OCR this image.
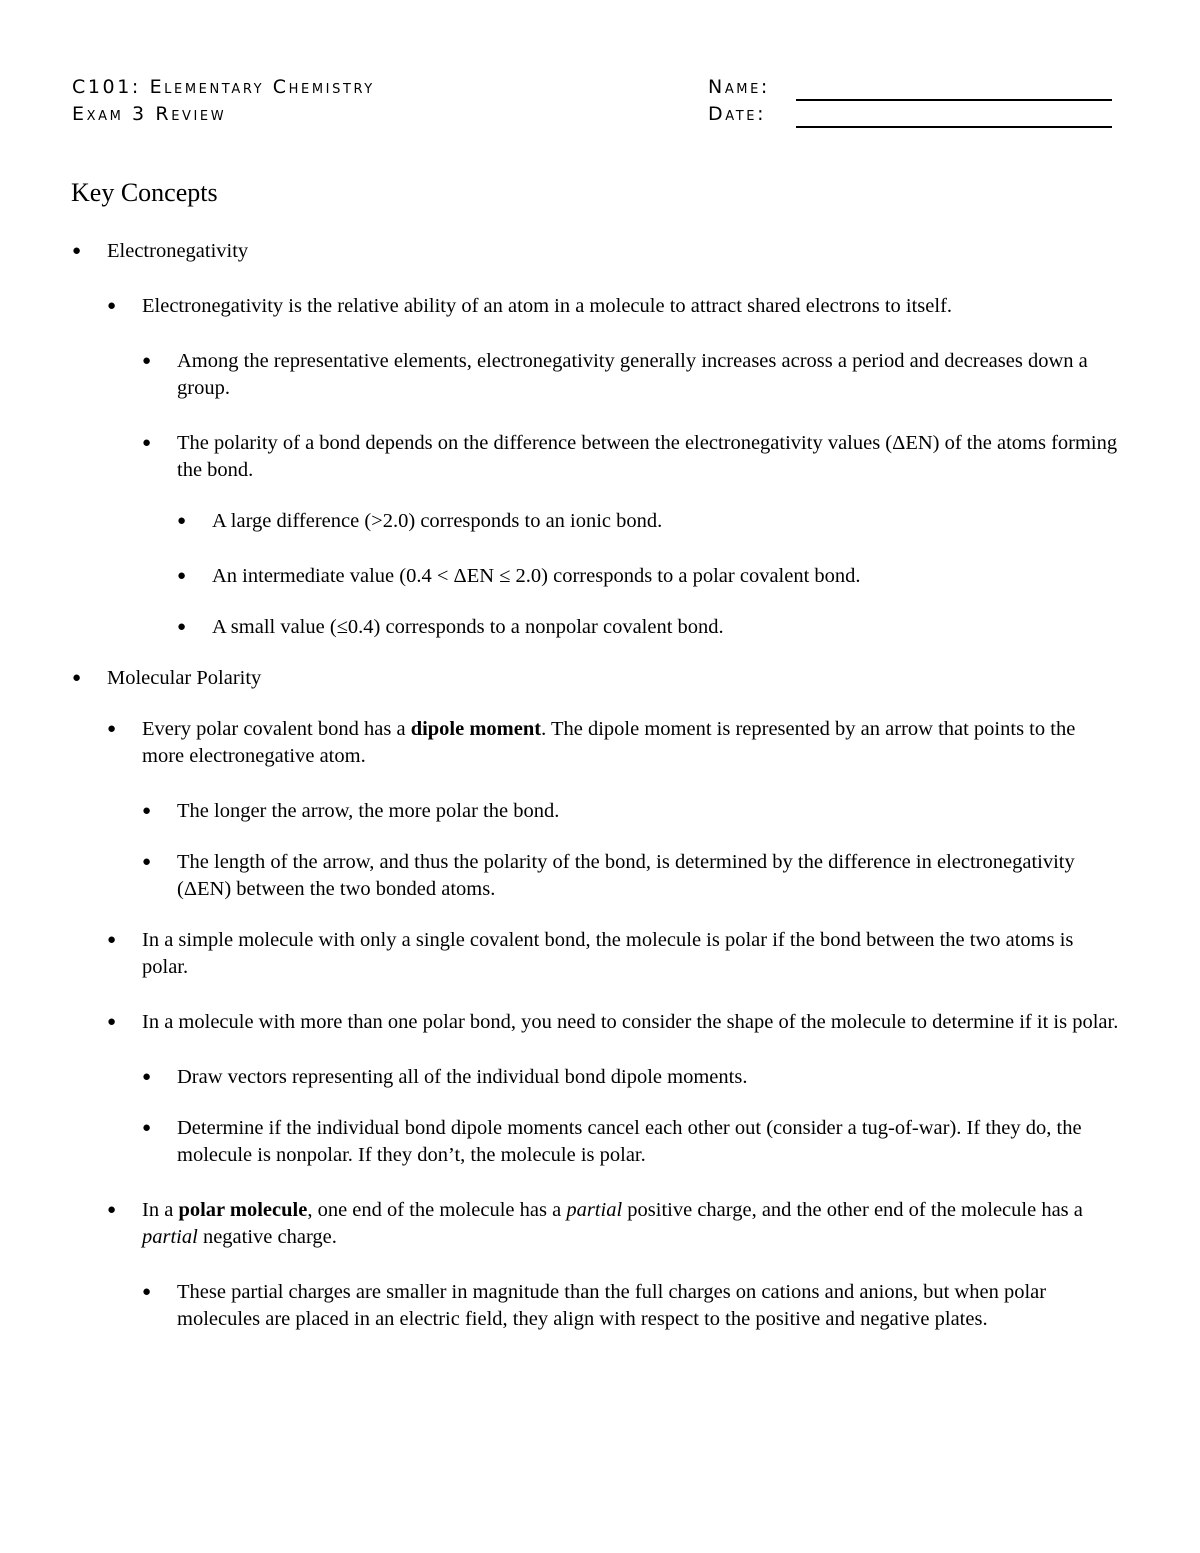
C101: Elementary Chemistry
Exam 3 Review
Name:
Date:
Key Concepts

● Electronegativity

● Electronegativity is the relative ability of an atom in a molecule to attract shared electrons to itself.

● Among the representative elements, electronegativity generally increases across a period and decreases down a group.

● The polarity of a bond depends on the difference between the electronegativity values (ΔEN) of the atoms forming the bond.

● A large difference (>2.0) corresponds to an ionic bond.

● An intermediate value (0.4 < ΔEN ≤ 2.0) corresponds to a polar covalent bond.

● A small value (≤0.4) corresponds to a nonpolar covalent bond.

● Molecular Polarity

● Every polar covalent bond has a dipole moment. The dipole moment is represented by an arrow that points to the more electronegative atom.

● The longer the arrow, the more polar the bond.

● The length of the arrow, and thus the polarity of the bond, is determined by the difference in electronegativity (ΔEN) between the two bonded atoms.

● In a simple molecule with only a single covalent bond, the molecule is polar if the bond between the two atoms is polar.

● In a molecule with more than one polar bond, you need to consider the shape of the molecule to determine if it is polar.

● Draw vectors representing all of the individual bond dipole moments.

● Determine if the individual bond dipole moments cancel each other out (consider a tug-of-war). If they do, the molecule is nonpolar. If they don’t, the molecule is polar.

● In a polar molecule, one end of the molecule has a partial positive charge, and the other end of the molecule has a partial negative charge.

● These partial charges are smaller in magnitude than the full charges on cations and anions, but when polar molecules are placed in an electric field, they align with respect to the positive and negative plates.
